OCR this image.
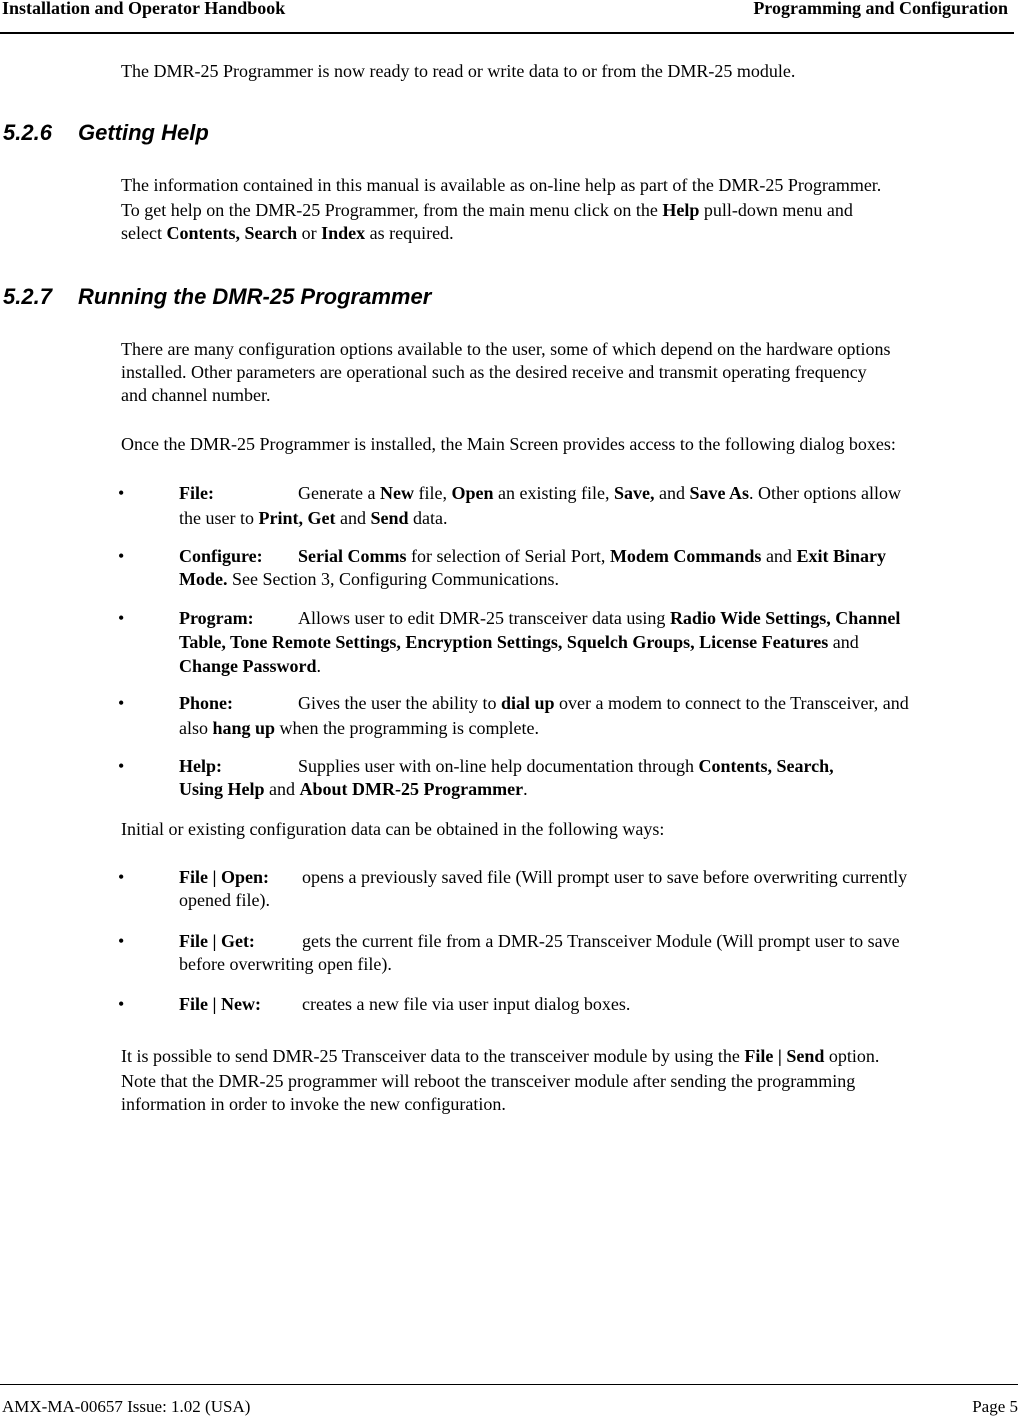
Installation and Operator Handbook	Programming and Configuration

The DMR-25 Programmer is now ready to read or write data to or from the DMR-25 module.

5.2.6 Getting Help

The information contained in this manual is available as on-line help as part of the DMR-25 Programmer.

To get help on the DMR-25 Programmer, from the main menu click on the Help pull-down menu and

select Contents, Search or Index as required.

5.2.7 Running the DMR-25 Programmer

There are many configuration options available to the user, some of which depend on the hardware options

installed. Other parameters are operational such as the desired receive and transmit operating frequency

and channel number.

Once the DMR-25 Programmer is installed, the Main Screen provides access to the following dialog boxes:

•	File:	Generate a New file, Open an existing file, Save, and Save As. Other options allow
the user to Print, Get and Send data.
•	Configure: Serial Comms for selection of Serial Port, Modem Commands and Exit Binary
Mode. See Section 3, Configuring Communications.
•	Program: Allows user to edit DMR-25 transceiver data using Radio Wide Settings, Channel
Table, Tone Remote Settings, Encryption Settings, Squelch Groups, License Features and
Change Password.
•	Phone:	Gives the user the ability to dial up over a modem to connect to the Transceiver, and
also hang up when the programming is complete.
•	Help:	Supplies user with on-line help documentation through Contents, Search,
Using Help and About DMR-25 Programmer.

Initial or existing configuration data can be obtained in the following ways:

•	File | Open: opens a previously saved file (Will prompt user to save before overwriting currently
opened file).
•	File | Get:	gets the current file from a DMR-25 Transceiver Module (Will prompt user to save
before overwriting open file).
•	File | New: creates a new file via user input dialog boxes.

It is possible to send DMR-25 Transceiver data to the transceiver module by using the File | Send option.

Note that the DMR-25 programmer will reboot the transceiver module after sending the programming

information in order to invoke the new configuration.

AMX-MA-00657 Issue: 1.02 (USA)	Page 5
